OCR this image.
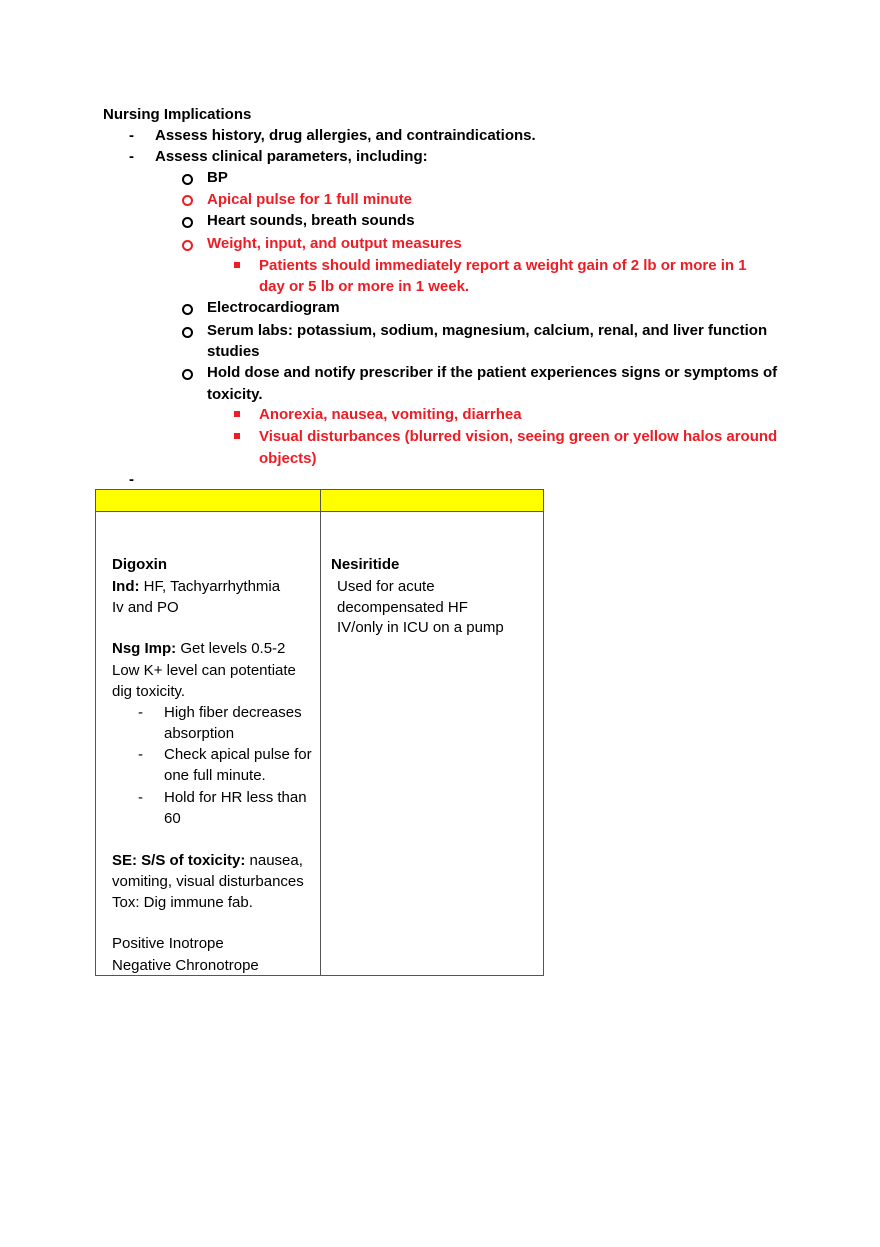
Nursing Implications
- Assess history, drug allergies, and contraindications.
- Assess clinical parameters, including:
BP
Apical pulse for 1 full minute
Heart sounds, breath sounds
Weight, input, and output measures
Patients should immediately report a weight gain of 2 lb or more in 1
day or 5 lb or more in 1 week.
Electrocardiogram
Serum labs: potassium, sodium, magnesium, calcium, renal, and liver function
studies
Hold dose and notify prescriber if the patient experiences signs or symptoms of
toxicity.
Anorexia, nausea, vomiting, diarrhea
Visual disturbances (blurred vision, seeing green or yellow halos around
objects)
-
Digoxin
Ind: HF, Tachyarrhythmia
Iv and PO
Nsg Imp: Get levels 0.5-2
Low K+ level can potentiate
dig toxicity.
- High fiber decreases
absorption
- Check apical pulse for
one full minute.
- Hold for HR less than
60
SE: S/S of toxicity: nausea,
vomiting, visual disturbances
Tox: Dig immune fab.
Positive Inotrope
Negative Chronotrope
Nesiritide
Used for acute
decompensated HF
IV/only in ICU on a pump
